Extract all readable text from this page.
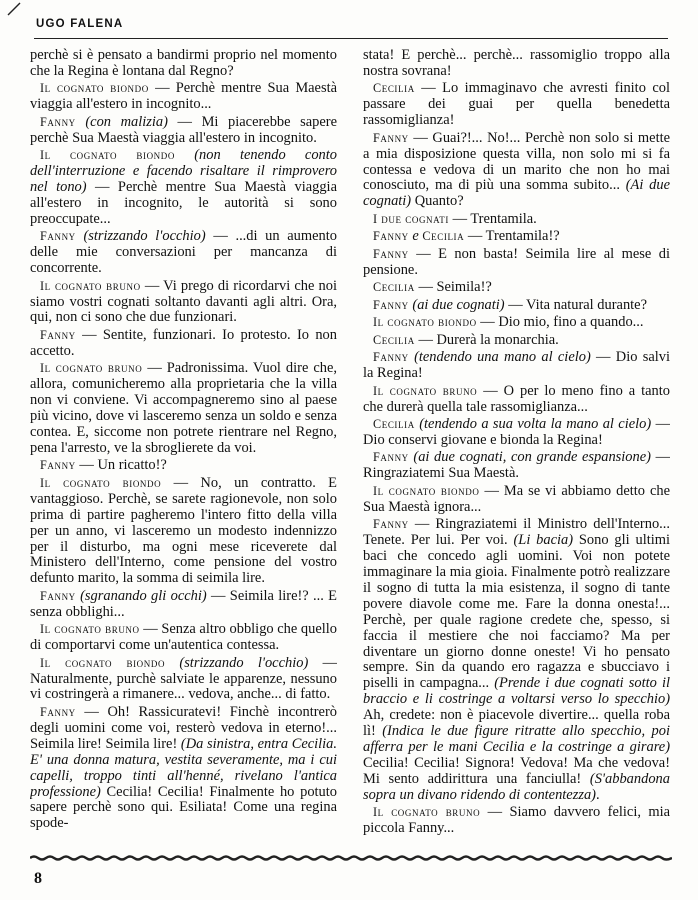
UGO FALENA

perchè si è pensato a bandirmi proprio nel momento che la Regina è lontana dal Regno?

Il cognato biondo — Perchè mentre Sua Maestà viaggia all'estero in incognito...

Fanny (con malizia) — Mi piacerebbe sapere perchè Sua Maestà viaggia all'estero in incognito.

Il cognato biondo (non tenendo conto dell'interruzione e facendo risaltare il rimprovero nel tono) — Perchè mentre Sua Maestà viaggia all'estero in incognito, le autorità si sono preoccupate...

Fanny (strizzando l'occhio) — ...di un aumento delle mie conversazioni per mancanza di concorrente.

Il cognato bruno — Vi prego di ricordarvi che noi siamo vostri cognati soltanto davanti agli altri. Ora, qui, non ci sono che due funzionari.

Fanny — Sentite, funzionari. Io protesto. Io non accetto.

Il cognato bruno — Padronissima. Vuol dire che, allora, comunicheremo alla proprietaria che la villa non vi conviene. Vi accompagneremo sino al paese più vicino, dove vi lasceremo senza un soldo e senza contea. E, siccome non potrete rientrare nel Regno, pena l'arresto, ve la sbroglierete da voi.

Fanny — Un ricatto!?

Il cognato biondo — No, un contratto. E vantaggioso. Perchè, se sarete ragionevole, non solo prima di partire pagheremo l'intero fitto della villa per un anno, vi lasceremo un modesto indennizzo per il disturbo, ma ogni mese riceverete dal Ministero dell'Interno, come pensione del vostro defunto marito, la somma di seimila lire.

Fanny (sgranando gli occhi) — Seimila lire!? ... E senza obblighi...

Il cognato bruno — Senza altro obbligo che quello di comportarvi come un'autentica contessa.

Il cognato biondo (strizzando l'occhio) — Naturalmente, purchè salviate le apparenze, nessuno vi costringerà a rimanere... vedova, anche... di fatto.

Fanny — Oh! Rassicuratevi! Finchè incontrerò degli uomini come voi, resterò vedova in eterno!... Seimila lire! Seimila lire! (Da sinistra, entra Cecilia. E' una donna matura, vestita severamente, ma i cui capelli, troppo tinti all'henné, rivelano l'antica professione) Cecilia! Cecilia! Finalmente ho potuto sapere perchè sono qui. Esiliata! Come una regina spode-

stata! E perchè... perchè... rassomiglio troppo alla nostra sovrana!

Cecilia — Lo immaginavo che avresti finito col passare dei guai per quella benedetta rassomiglianza!

Fanny — Guai?!... No!... Perchè non solo si mette a mia disposizione questa villa, non solo mi si fa contessa e vedova di un marito che non ho mai conosciuto, ma di più una somma subito... (Ai due cognati) Quanto?

I due cognati — Trentamila.

Fanny e Cecilia — Trentamila!?

Fanny — E non basta! Seimila lire al mese di pensione.

Cecilia — Seimila!?

Fanny (ai due cognati) — Vita natural durante?

Il cognato biondo — Dio mio, fino a quando...

Cecilia — Durerà la monarchia.

Fanny (tendendo una mano al cielo) — Dio salvi la Regina!

Il cognato bruno — O per lo meno fino a tanto che durerà quella tale rassomiglianza...

Cecilia (tendendo a sua volta la mano al cielo) — Dio conservi giovane e bionda la Regina!

Fanny (ai due cognati, con grande espansione) — Ringraziatemi Sua Maestà.

Il cognato biondo — Ma se vi abbiamo detto che Sua Maestà ignora...

Fanny — Ringraziatemi il Ministro dell'Interno... Tenete. Per lui. Per voi. (Li bacia) Sono gli ultimi baci che concedo agli uomini. Voi non potete immaginare la mia gioia. Finalmente potrò realizzare il sogno di tutta la mia esistenza, il sogno di tante povere diavole come me. Fare la donna onesta!... Perchè, per quale ragione credete che, spesso, si faccia il mestiere che noi facciamo? Ma per diventare un giorno donne oneste! Vi ho pensato sempre. Sin da quando ero ragazza e sbucciavo i piselli in campagna... (Prende i due cognati sotto il braccio e li costringe a voltarsi verso lo specchio) Ah, credete: non è piacevole divertire... quella roba lì! (Indica le due figure ritratte allo specchio, poi afferra per le mani Cecilia e la costringe a girare) Cecilia! Cecilia! Signora! Vedova! Ma che vedova! Mi sento addirittura una fanciulla! (S'abbandona sopra un divano ridendo di contentezza).

Il cognato bruno — Siamo davvero felici, mia piccola Fanny...

8
